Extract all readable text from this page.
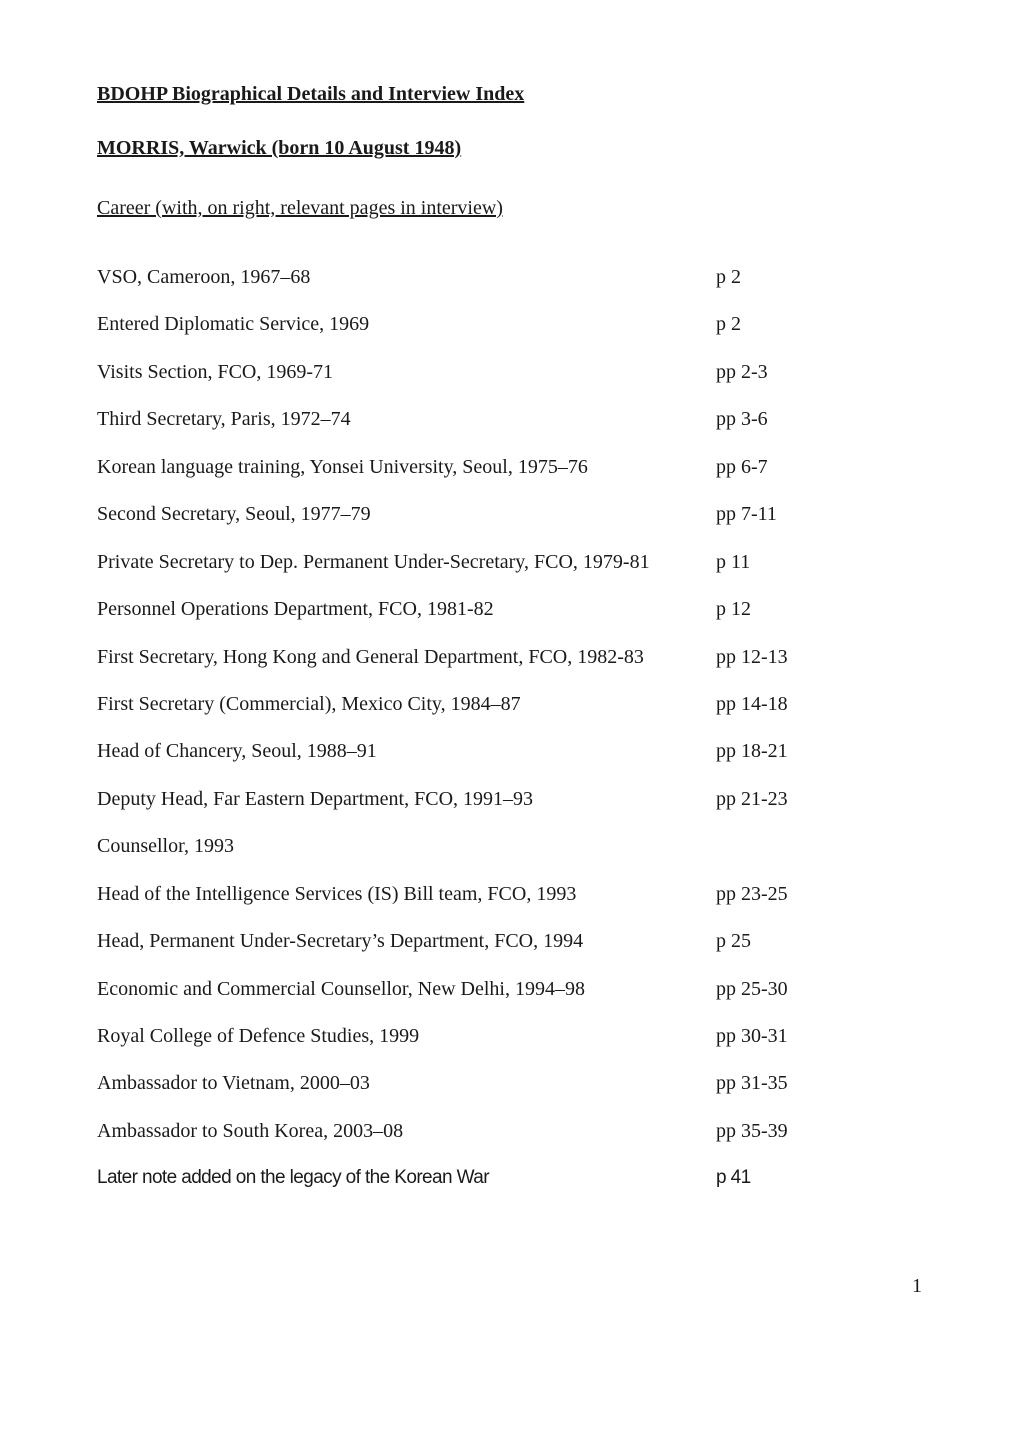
BDOHP Biographical Details and Interview Index
MORRIS, Warwick (born 10 August 1948)
Career (with, on right, relevant pages in interview)
VSO, Cameroon, 1967–68	p 2
Entered Diplomatic Service, 1969	p 2
Visits Section, FCO, 1969-71	pp 2-3
Third Secretary, Paris, 1972–74	pp 3-6
Korean language training, Yonsei University, Seoul, 1975–76	pp 6-7
Second Secretary, Seoul, 1977–79	pp 7-11
Private Secretary to Dep. Permanent Under-Secretary, FCO, 1979-81	p 11
Personnel Operations Department, FCO, 1981-82	p 12
First Secretary, Hong Kong and General Department, FCO, 1982-83	pp 12-13
First Secretary (Commercial), Mexico City, 1984–87	pp 14-18
Head of Chancery, Seoul, 1988–91	pp 18-21
Deputy Head, Far Eastern Department, FCO, 1991–93	pp 21-23
Counsellor, 1993
Head of the Intelligence Services (IS) Bill team, FCO, 1993	pp 23-25
Head, Permanent Under-Secretary’s Department, FCO, 1994	p 25
Economic and Commercial Counsellor, New Delhi, 1994–98	pp 25-30
Royal College of Defence Studies, 1999	pp 30-31
Ambassador to Vietnam, 2000–03	pp 31-35
Ambassador to South Korea, 2003–08	pp 35-39
Later note added on the legacy of the Korean War	p 41
1
